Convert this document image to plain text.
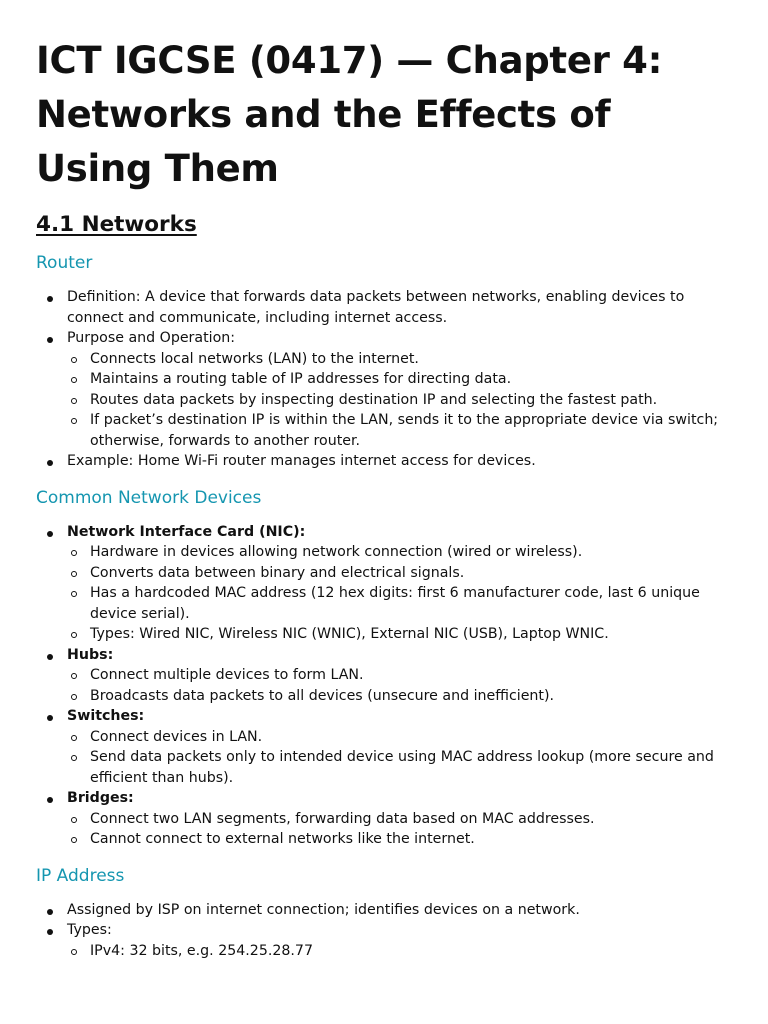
ICT IGCSE (0417) — Chapter 4: Networks and the Effects of Using Them
4.1 Networks
Router
Definition: A device that forwards data packets between networks, enabling devices to connect and communicate, including internet access.
Purpose and Operation:
Connects local networks (LAN) to the internet.
Maintains a routing table of IP addresses for directing data.
Routes data packets by inspecting destination IP and selecting the fastest path.
If packet’s destination IP is within the LAN, sends it to the appropriate device via switch; otherwise, forwards to another router.
Example: Home Wi-Fi router manages internet access for devices.
Common Network Devices
Network Interface Card (NIC):
Hardware in devices allowing network connection (wired or wireless).
Converts data between binary and electrical signals.
Has a hardcoded MAC address (12 hex digits: first 6 manufacturer code, last 6 unique device serial).
Types: Wired NIC, Wireless NIC (WNIC), External NIC (USB), Laptop WNIC.
Hubs:
Connect multiple devices to form LAN.
Broadcasts data packets to all devices (unsecure and inefficient).
Switches:
Connect devices in LAN.
Send data packets only to intended device using MAC address lookup (more secure and efficient than hubs).
Bridges:
Connect two LAN segments, forwarding data based on MAC addresses.
Cannot connect to external networks like the internet.
IP Address
Assigned by ISP on internet connection; identifies devices on a network.
Types:
IPv4: 32 bits, e.g. 254.25.28.77
